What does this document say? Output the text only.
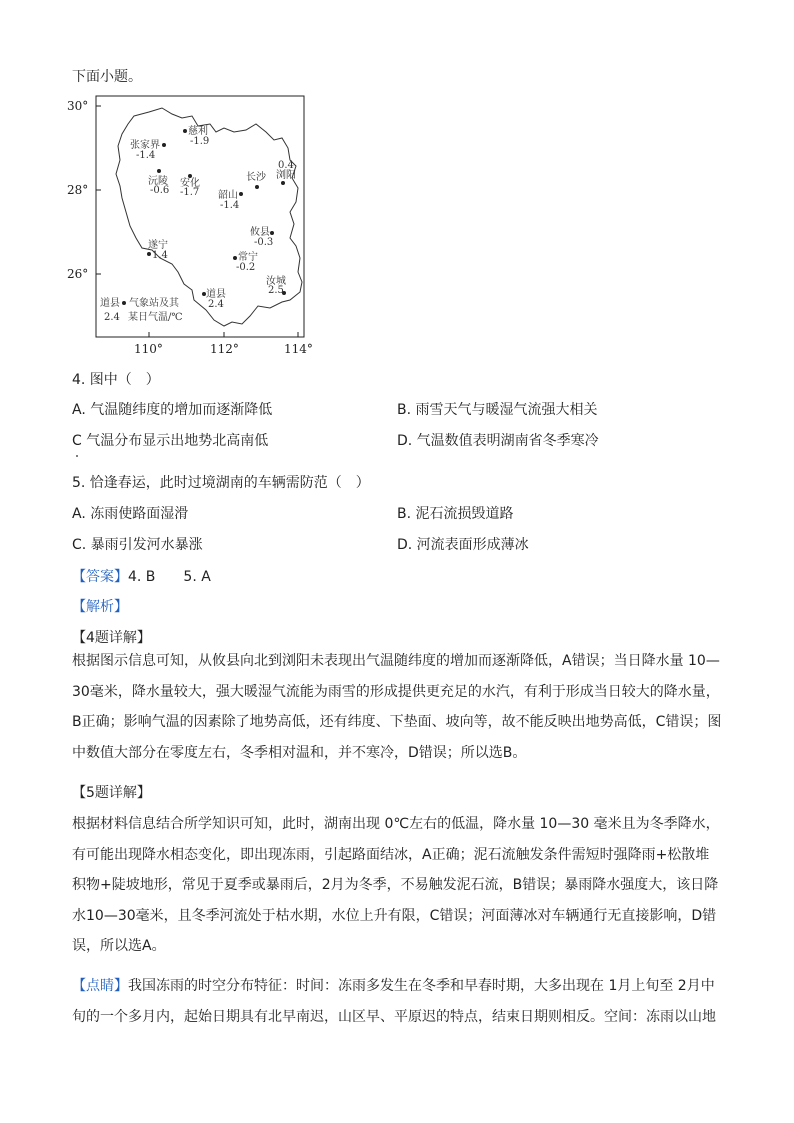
下面小题。
慈利
-1.9
张家界
-1.4
沅陵
-0.6
安化
-1.7 韶山
-1.4
长沙
0.4
浏阳
攸县
-0.3
常宁
-0.2
遂宁
1.4
道县
2.4
汝城
2.5
道县
2.4
气象站及其
某日气温/℃
30°
28°
26°
110°	112°	114°
4. 图中（　）
A. 气温随纬度的增加而逐渐降低	B. 雨雪天气与暖湿气流强大相关
C 气温分布显示出地势北高南低	D. 气温数值表明湖南省冬季寒冷
5. 恰逢春运，此时过境湖南的车辆需防范（　）
A. 冻雨使路面湿滑	B. 泥石流损毁道路
C. 暴雨引发河水暴涨	D. 河流表面形成薄冰
【答案】4. B　　5. A
【解析】
【4题详解】
根据图示信息可知，从攸县向北到浏阳未表现出气温随纬度的增加而逐渐降低，A错误；当日降水量 10—30毫米，降水量较大，强大暖湿气流能为雨雪的形成提供更充足的水汽，有利于形成当日较大的降水量，B正确；影响气温的因素除了地势高低，还有纬度、下垫面、坡向等，故不能反映出地势高低，C错误；图中数值大部分在零度左右，冬季相对温和，并不寒冷，D错误；所以选B。
【5题详解】
根据材料信息结合所学知识可知，此时，湖南出现 0℃左右的低温，降水量 10—30 毫米且为冬季降水，有可能出现降水相态变化，即出现冻雨，引起路面结冰，A正确；泥石流触发条件需短时强降雨+松散堆积物+陡坡地形，常见于夏季或暴雨后，2月为冬季，不易触发泥石流，B错误；暴雨降水强度大，该日降水10—30毫米，且冬季河流处于枯水期，水位上升有限，C错误；河面薄冰对车辆通行无直接影响，D错误，所以选A。
【点睛】我国冻雨的时空分布特征：时间：冻雨多发生在冬季和早春时期，大多出现在 1月上旬至 2月中旬的一个多月内，起始日期具有北早南迟，山区早、平原迟的特点，结束日期则相反。空间：冻雨以山地
